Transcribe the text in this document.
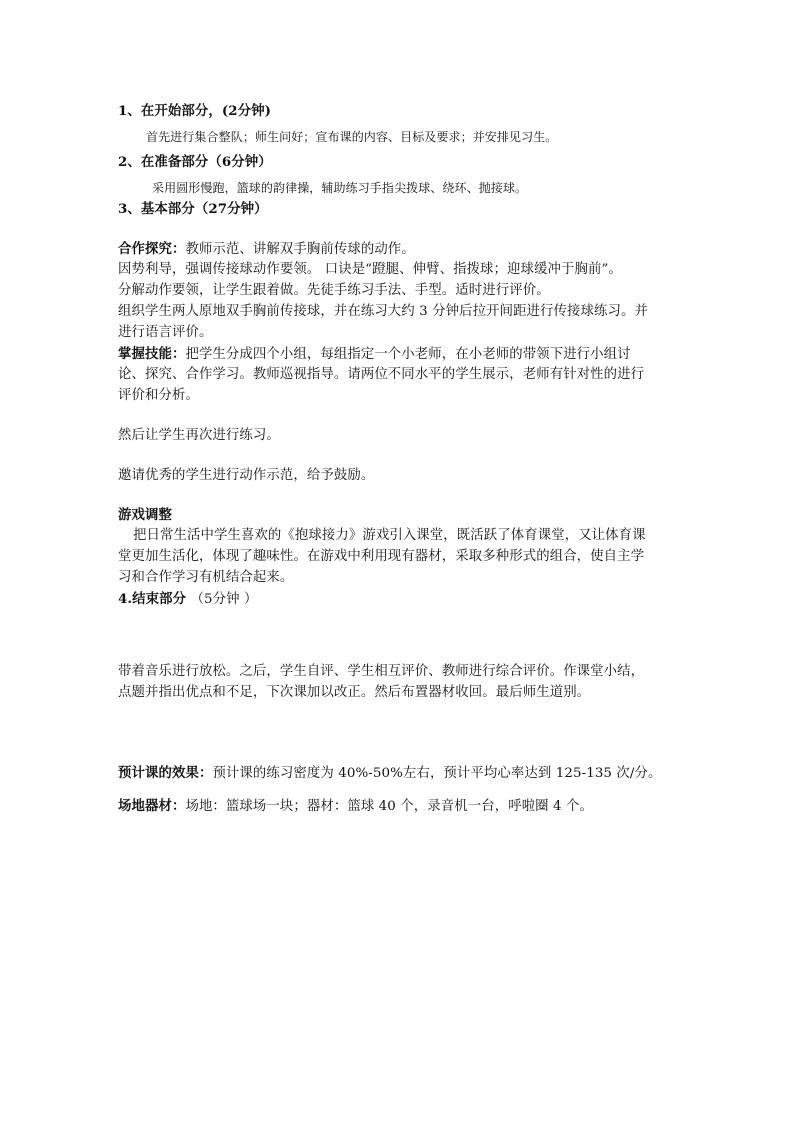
1、在开始部分，(2分钟)
首先进行集合整队；师生问好；宣布课的内容、目标及要求；并安排见习生。
2、在准备部分（6分钟）
采用圆形慢跑，篮球的韵律操，辅助练习手指尖拨球、绕环、抛接球。
3、基本部分（27分钟）
合作探究：教师示范、讲解双手胸前传球的动作。
因势利导，强调传接球动作要领。 口诀是“蹬腿、伸臂、指拨球；迎球缓冲于胸前”。
分解动作要领，让学生跟着做。先徒手练习手法、手型。适时进行评价。
组织学生两人原地双手胸前传接球，并在练习大约 3 分钟后拉开间距进行传接球练习。并
进行语言评价。
掌握技能：把学生分成四个小组，每组指定一个小老师，在小老师的带领下进行小组讨
论、探究、合作学习。教师巡视指导。请两位不同水平的学生展示，老师有针对性的进行
评价和分析。
然后让学生再次进行练习。
邀请优秀的学生进行动作示范，给予鼓励。
游戏调整
把日常生活中学生喜欢的《抱球接力》游戏引入课堂，既活跃了体育课堂，又让体育课
堂更加生活化，体现了趣味性。在游戏中利用现有器材，采取多种形式的组合，使自主学
习和合作学习有机结合起来。
4.结束部分 （5分钟 ）
带着音乐进行放松。之后，学生自评、学生相互评价、教师进行综合评价。作课堂小结，
点题并指出优点和不足，下次课加以改正。然后布置器材收回。最后师生道别。
预计课的效果：预计课的练习密度为 40%-50%左右，预计平均心率达到 125-135 次/分。
场地器材：场地：篮球场一块；器材：篮球 40 个，录音机一台，呼啦圈 4 个。
